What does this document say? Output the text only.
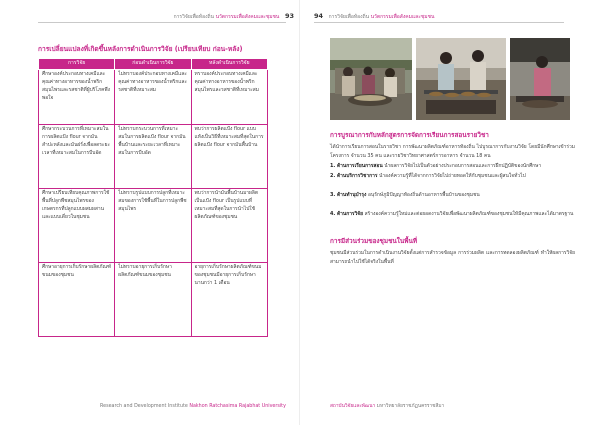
การวิจัยเพื่อท้องถิ่น นวัตกรรมเพื่อสังคมและชุมชน 93
การเปลี่ยนแปลงที่เกิดขึ้นหลังการดำเนินการวิจัย (เปรียบเทียบ ก่อน-หลัง)
การวิจัย	ก่อนดำเนินการวิจัย	หลังดำเนินการวิจัย
ศึกษาองค์ประกอบทางเคมีและคุณค่าทางอาหารของน้ำพริกสมุนไพรและรสชาติที่ผู้บริโภคพึงพอใจ	ไม่ทราบองค์ประกอบทางเคมีและคุณค่าทางอาหารของน้ำพริกและรสชาติที่เหมาะสม	ทราบองค์ประกอบทางเคมีและคุณค่าทางอาหารของน้ำพริกสมุนไพรและรสชาติที่เหมาะสม
ศึกษากระบวนการที่เหมาะสมในการผลิตแป้ง flour จากมันสำปะหลังและมันฝรั่งเพื่อลดระยะเวลาที่เหมาะสมในการบีบอัด	ไม่ทราบกระบวนการที่เหมาะสมในการผลิตแป้ง flour จากมันพื้นบ้านและระยะเวลาที่เหมาะสมในการบีบอัด	พบว่าการผลิตแป้ง flour แบบแห้งเป็นวิธีที่เหมาะสมที่สุดในการผลิตแป้ง flour จากมันพื้นบ้าน
ศึกษาเปรียบเทียบคุณภาพการใช้พื้นที่ปลูกพืชสมุนไพรของเกษตรกรที่ปลูกแบบผสมผสานและแบบเดี่ยวในชุมชน	ไม่ทราบรูปแบบการปลูกที่เหมาะสมของการใช้พื้นที่ในการปลูกพืชสมุนไพร	พบว่าการนำมันพื้นบ้านมาผลิตเป็นแป้ง flour เป็นรูปแบบที่เหมาะสมที่สุดในการนำไปใช้ผลิตภัณฑ์ของชุมชน
ศึกษาอายุการเก็บรักษาผลิตภัณฑ์ขนมของชุมชน	ไม่ทราบอายุการเก็บรักษาผลิตภัณฑ์ขนมของชุมชน	อายุการเก็บรักษาผลิตภัณฑ์ขนมของชุมชนมีอายุการเก็บรักษานานกว่า 1 เดือน
Research and Development Institute Nakhon Ratchasima Rajabhat University
94 การวิจัยเพื่อท้องถิ่น นวัตกรรมเพื่อสังคมและชุมชน
การบูรณาการกับหลักสูตรการจัดการเรียนการสอนรายวิชา
ได้นำการเรียนการสอนในรายวิชา การพัฒนาผลิตภัณฑ์อาหารท้องถิ่น ไปบูรณาการกับงานวิจัย โดยมีนักศึกษาเข้าร่วมโครงการ จำนวน 35 คน และรายวิชาวิทยาศาสตร์การอาหาร จำนวน 18 คน
1. ด้านการเรียนการสอน นำผลการวิจัยไปเป็นตัวอย่างประกอบการสอนและการฝึกปฏิบัติของนักศึกษา
2. ด้านบริการวิชาการ นำองค์ความรู้ที่ได้จากการวิจัยไปถ่ายทอดให้กับชุมชนและผู้สนใจทั่วไป
3. ด้านทำนุบำรุง อนุรักษ์ภูมิปัญญาท้องถิ่นด้านอาหารพื้นบ้านของชุมชน
4. ด้านการวิจัย สร้างองค์ความรู้ใหม่และต่อยอดงานวิจัยเพื่อพัฒนาผลิตภัณฑ์ของชุมชนให้มีคุณภาพและได้มาตรฐาน
การมีส่วนร่วมของชุมชนในพื้นที่
ชุมชนมีส่วนร่วมในการดำเนินงานวิจัยตั้งแต่การสำรวจข้อมูล การร่วมผลิต และการทดลองผลิตภัณฑ์ ทำให้ผลการวิจัยสามารถนำไปใช้ได้จริงในพื้นที่
สถาบันวิจัยและพัฒนา มหาวิทยาลัยราชภัฏนครราชสีมา
